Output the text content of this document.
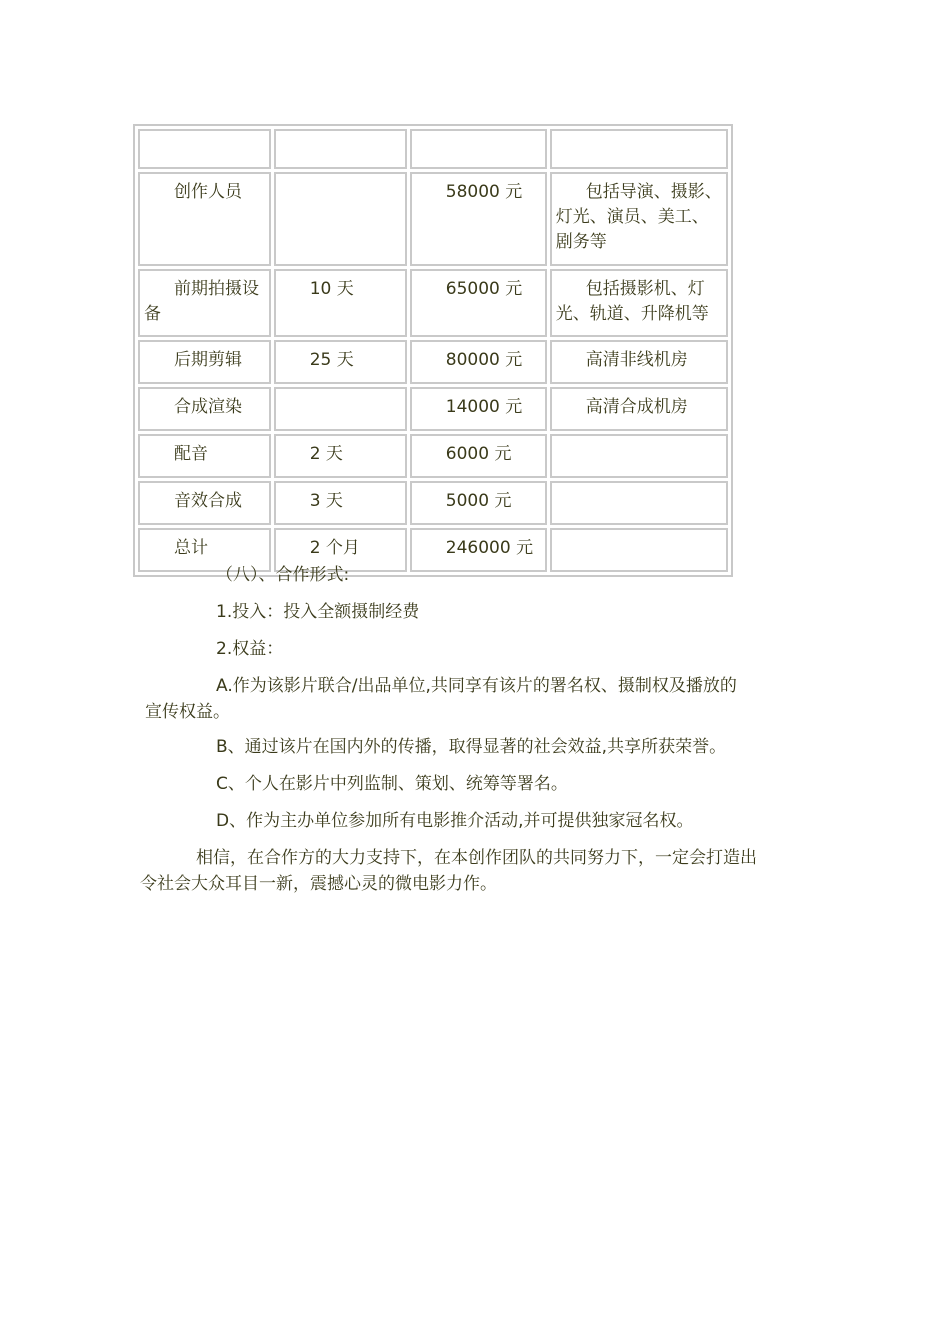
创作人员		58000 元	包括导演、摄影、灯光、演员、美工、剧务等

前期拍摄设备	10 天	65000 元	包括摄影机、灯光、轨道、升降机等

后期剪辑	25 天	80000 元	高清非线机房

合成渲染		14000 元	高清合成机房

配音	2 天	6000 元	

音效合成	3 天	5000 元	

总计	2 个月	246000 元	

（八）、合作形式:
1.投入：投入全额摄制经费
2.权益：
A.作为该影片联合/出品单位,共同享有该片的署名权、摄制权及播放的
宣传权益。
B、通过该片在国内外的传播，取得显著的社会效益,共享所获荣誉。
C、个人在影片中列监制、策划、统筹等署名。
D、作为主办单位参加所有电影推介活动,并可提供独家冠名权。
相信，在合作方的大力支持下，在本创作团队的共同努力下，一定会打造出
令社会大众耳目一新，震撼心灵的微电影力作。
